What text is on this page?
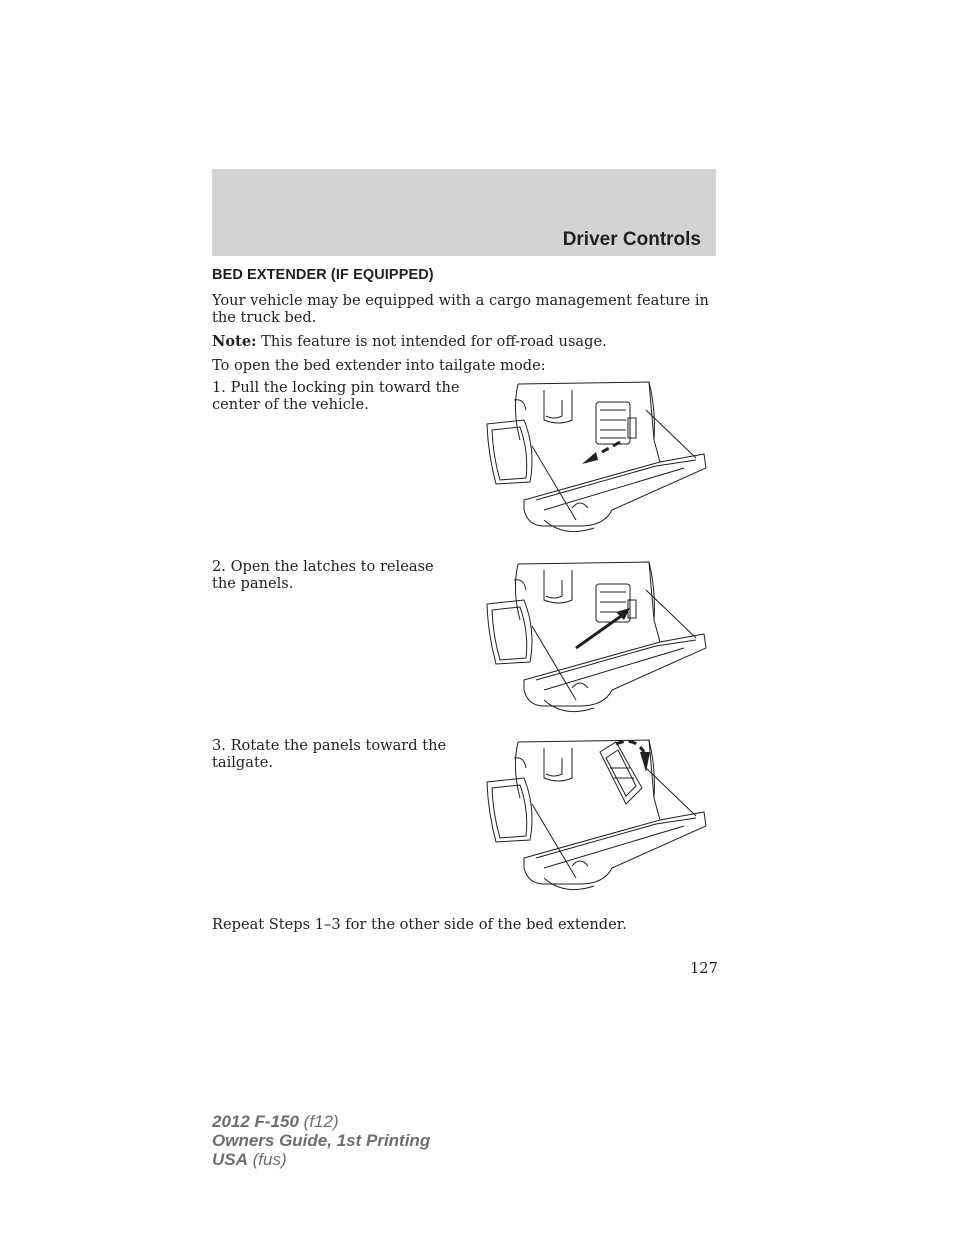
Driver Controls
BED EXTENDER (IF EQUIPPED)
Your vehicle may be equipped with a cargo management feature in the truck bed.
Note: This feature is not intended for off-road usage.
To open the bed extender into tailgate mode:
1. Pull the locking pin toward the center of the vehicle.
2. Open the latches to release the panels.
3. Rotate the panels toward the tailgate.
Repeat Steps 1–3 for the other side of the bed extender.
127
2012 F-150 (f12)
Owners Guide, 1st Printing
USA (fus)
